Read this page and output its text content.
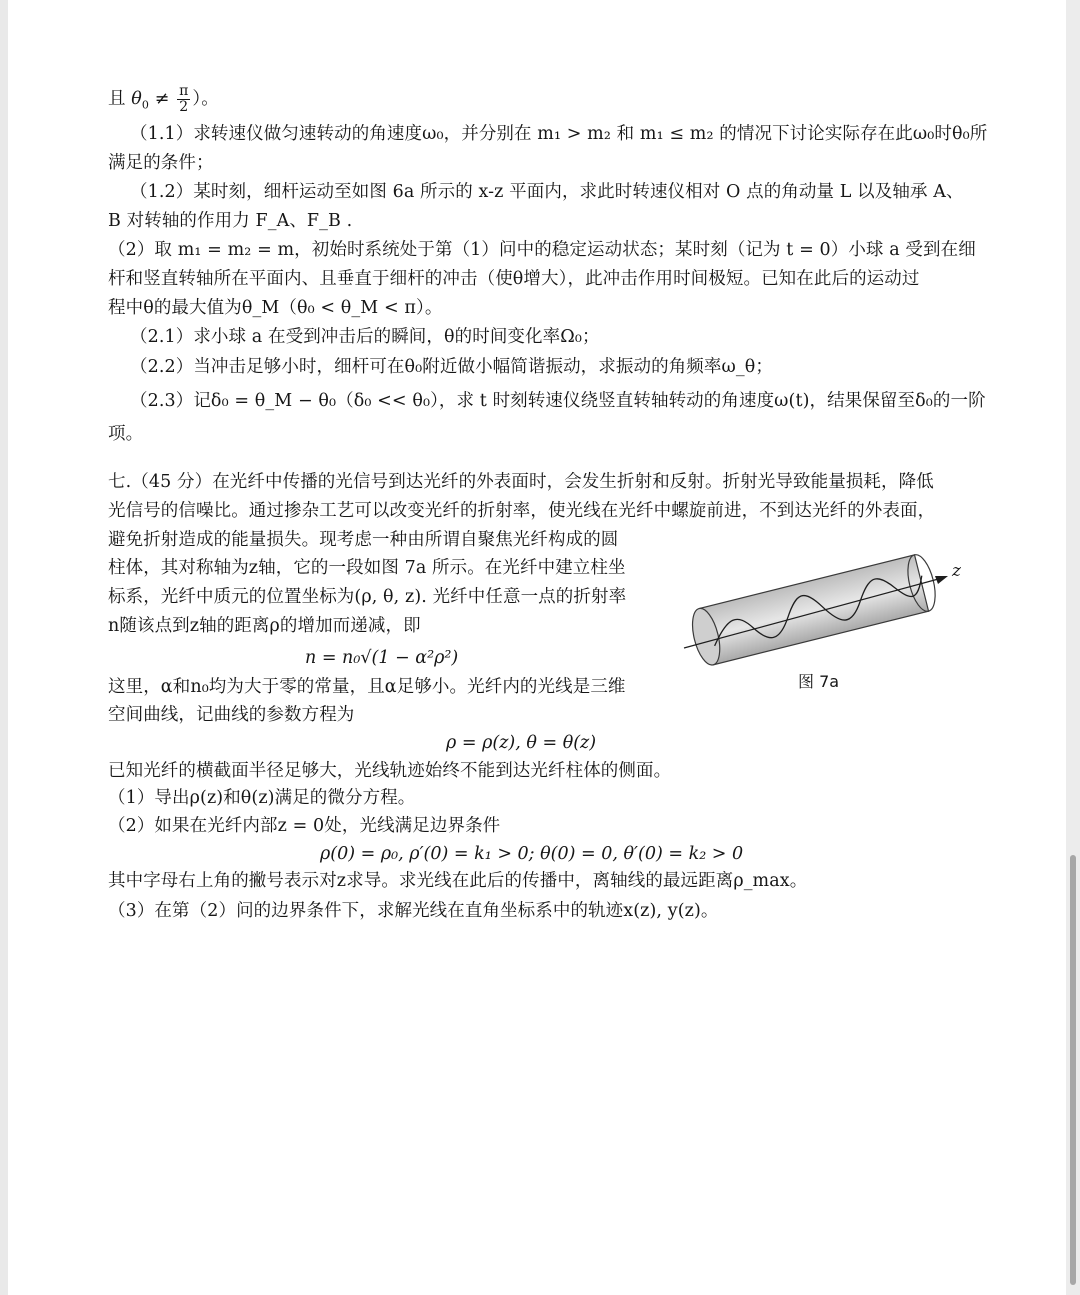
且 $\theta_0 \ne \frac{\pi}{2}$ ）。
（1.1）求转速仪做匀速转动的角速度ω₀，并分别在 m₁ > m₂ 和 m₁ ≤ m₂ 的情况下讨论实际存在此ω₀时θ₀所
满足的条件；
（1.2）某时刻，细杆运动至如图 6a 所示的 x-z 平面内，求此时转速仪相对 O 点的角动量 L 以及轴承 A、
B 对转轴的作用力 F_A、F_B .
（2）取 m₁ = m₂ = m，初始时系统处于第（1）问中的稳定运动状态；某时刻（记为 t = 0）小球 a 受到在细
杆和竖直转轴所在平面内、且垂直于细杆的冲击（使θ增大），此冲击作用时间极短。已知在此后的运动过
程中θ的最大值为θ_M（θ₀ < θ_M < π）。
（2.1）求小球 a 在受到冲击后的瞬间，θ的时间变化率Ω₀；
（2.2）当冲击足够小时，细杆可在θ₀附近做小幅简谐振动，求振动的角频率ω_θ；
（2.3）记δ₀ = θ_M − θ₀（δ₀ << θ₀），求 t 时刻转速仪绕竖直转轴转动的角速度ω(t)，结果保留至δ₀的一阶
项。
七.（45 分）在光纤中传播的光信号到达光纤的外表面时，会发生折射和反射。折射光导致能量损耗，降低
光信号的信噪比。通过掺杂工艺可以改变光纤的折射率，使光线在光纤中螺旋前进，不到达光纤的外表面，
避免折射造成的能量损失。现考虑一种由所谓自聚焦光纤构成的圆
柱体，其对称轴为z轴，它的一段如图 7a 所示。在光纤中建立柱坐
标系，光纤中质元的位置坐标为(ρ, θ, z). 光纤中任意一点的折射率
n随该点到z轴的距离ρ的增加而递减，即
n = n₀√(1 − α²ρ²)
这里，α和n₀均为大于零的常量，且α足够小。光纤内的光线是三维
空间曲线，记曲线的参数方程为
ρ = ρ(z), θ = θ(z)
已知光纤的横截面半径足够大，光线轨迹始终不能到达光纤柱体的侧面。
（1）导出ρ(z)和θ(z)满足的微分方程。
（2）如果在光纤内部z = 0处，光线满足边界条件
ρ(0) = ρ₀, ρ′(0) = k₁ > 0; θ(0) = 0, θ′(0) = k₂ > 0
其中字母右上角的撇号表示对z求导。求光线在此后的传播中，离轴线的最远距离ρ_max。
（3）在第（2）问的边界条件下，求解光线在直角坐标系中的轨迹x(z), y(z)。
z
图 7a
